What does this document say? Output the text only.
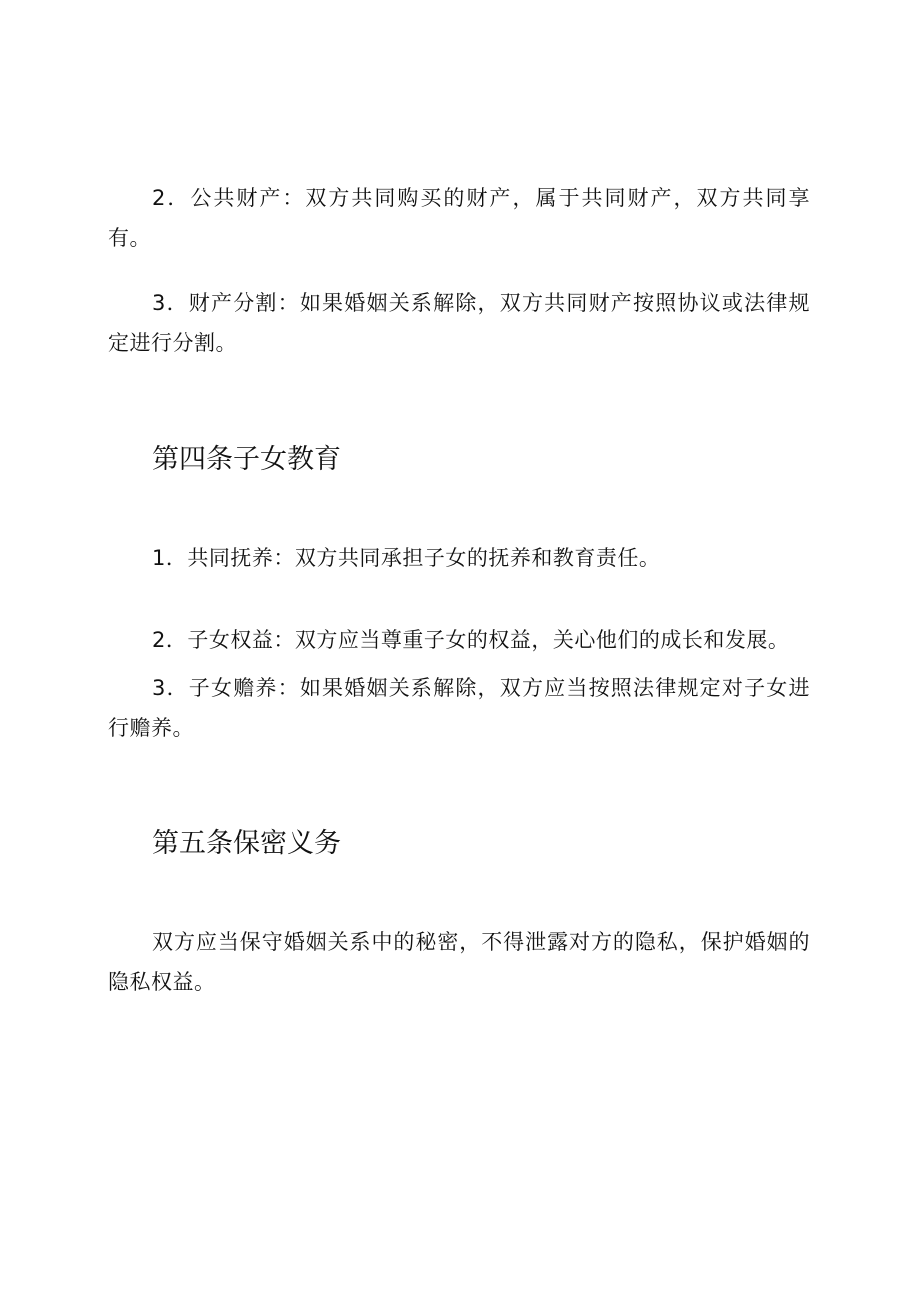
2．公共财产：双方共同购买的财产，属于共同财产，双方共同享有。

3．财产分割：如果婚姻关系解除，双方共同财产按照协议或法律规定进行分割。

第四条子女教育

1．共同抚养：双方共同承担子女的抚养和教育责任。

2．子女权益：双方应当尊重子女的权益，关心他们的成长和发展。

3．子女赡养：如果婚姻关系解除，双方应当按照法律规定对子女进行赡养。

第五条保密义务

双方应当保守婚姻关系中的秘密，不得泄露对方的隐私，保护婚姻的隐私权益。
